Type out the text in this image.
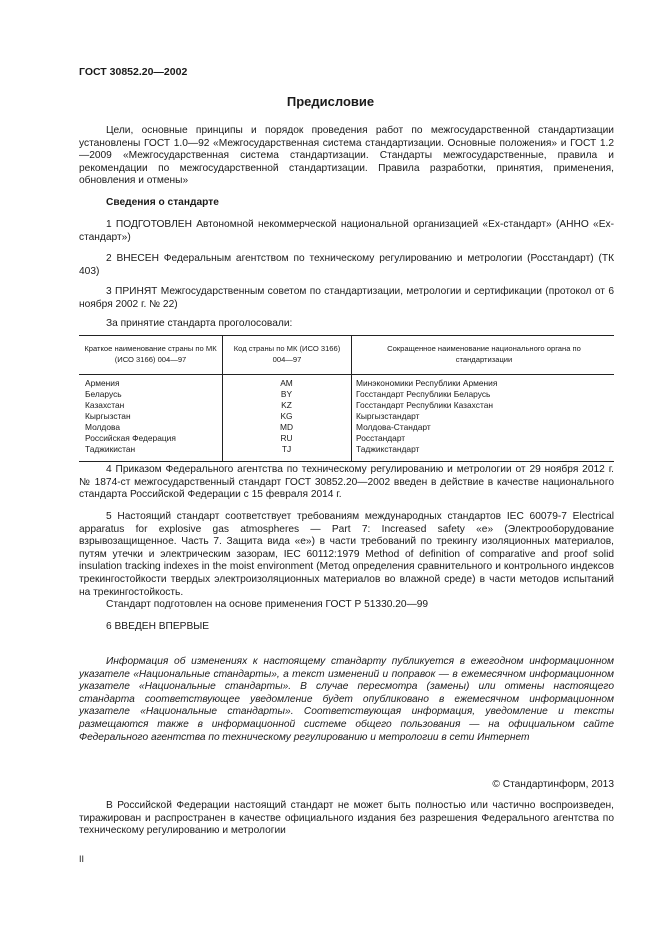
ГОСТ 30852.20—2002
Предисловие
Цели, основные принципы и порядок проведения работ по межгосударственной стандартизации установлены ГОСТ 1.0—92 «Межгосударственная система стандартизации. Основные положения» и ГОСТ 1.2—2009 «Межгосударственная система стандартизации. Стандарты межгосударственные, правила и рекомендации по межгосударственной стандартизации. Правила разработки, принятия, применения, обновления и отмены»
Сведения о стандарте
1 ПОДГОТОВЛЕН Автономной некоммерческой национальной организацией «Ех-стандарт» (АННО «Ех-стандарт»)
2 ВНЕСЕН Федеральным агентством по техническому регулированию и метрологии (Росстандарт) (ТК 403)
3 ПРИНЯТ Межгосударственным советом по стандартизации, метрологии и сертификации (протокол от 6 ноября 2002 г. № 22)
За принятие стандарта проголосовали:
Краткое наименование страны по МК (ИСО 3166) 004—97
Код страны по МК (ИСО 3166) 004—97
Сокращенное наименование национального органа по стандартизации
Армения
Беларусь
Казахстан
Кыргызстан
Молдова
Российская Федерация
Таджикистан
AM
BY
KZ
KG
MD
RU
TJ
Минэкономики Республики Армения
Госстандарт Республики Беларусь
Госстандарт Республики Казахстан
Кыргызстандарт
Молдова-Стандарт
Росстандарт
Таджикстандарт
4 Приказом Федерального агентства по техническому регулированию и метрологии от 29 ноября 2012 г. № 1874-ст межгосударственный стандарт ГОСТ 30852.20—2002 введен в действие в качестве национального стандарта Российской Федерации с 15 февраля 2014 г.
5 Настоящий стандарт соответствует требованиям международных стандартов IEC 60079-7 Electrical apparatus for explosive gas atmospheres — Part 7: Increased safety «e» (Электрооборудование взрывозащищенное. Часть 7. Защита вида «е») в части требований по трекингу изоляционных материалов, путям утечки и электрическим зазорам, IEC 60112:1979 Method of definition of comparative and proof solid insulation tracking indexes in the moist environment (Метод определения сравнительного и контрольного индексов трекингостойкости твердых электроизоляционных материалов во влажной среде) в части методов испытаний на трекингостойкость.
Стандарт подготовлен на основе применения ГОСТ Р 51330.20—99
6 ВВЕДЕН ВПЕРВЫЕ
Информация об изменениях к настоящему стандарту публикуется в ежегодном информационном указателе «Национальные стандарты», а текст изменений и поправок — в ежемесячном информационном указателе «Национальные стандарты». В случае пересмотра (замены) или отмены настоящего стандарта соответствующее уведомление будет опубликовано в ежемесячном информационном указателе «Национальные стандарты». Соответствующая информация, уведомление и тексты размещаются также в информационной системе общего пользования — на официальном сайте Федерального агентства по техническому регулированию и метрологии в сети Интернет
© Стандартинформ, 2013
В Российской Федерации настоящий стандарт не может быть полностью или частично воспроизведен, тиражирован и распространен в качестве официального издания без разрешения Федерального агентства по техническому регулированию и метрологии
II
